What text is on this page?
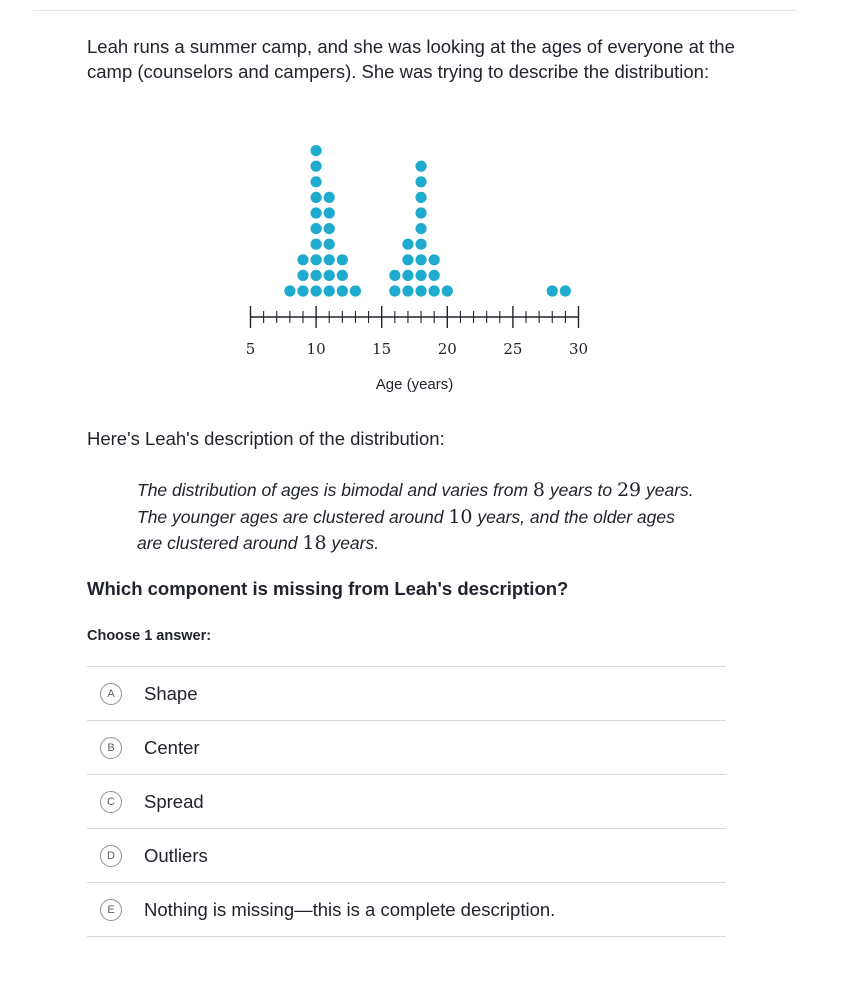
Leah runs a summer camp, and she was looking at the ages of everyone at the camp (counselors and campers). She was trying to describe the distribution:

5	10	15	20	25	30
Age (years)

Here's Leah's description of the distribution:

The distribution of ages is bimodal and varies from 8 years to 29 years. The younger ages are clustered around 10 years, and the older ages are clustered around 18 years.

Which component is missing from Leah's description?

Choose 1 answer:

A	Shape
B	Center
C	Spread
D	Outliers
E	Nothing is missing—this is a complete description.
